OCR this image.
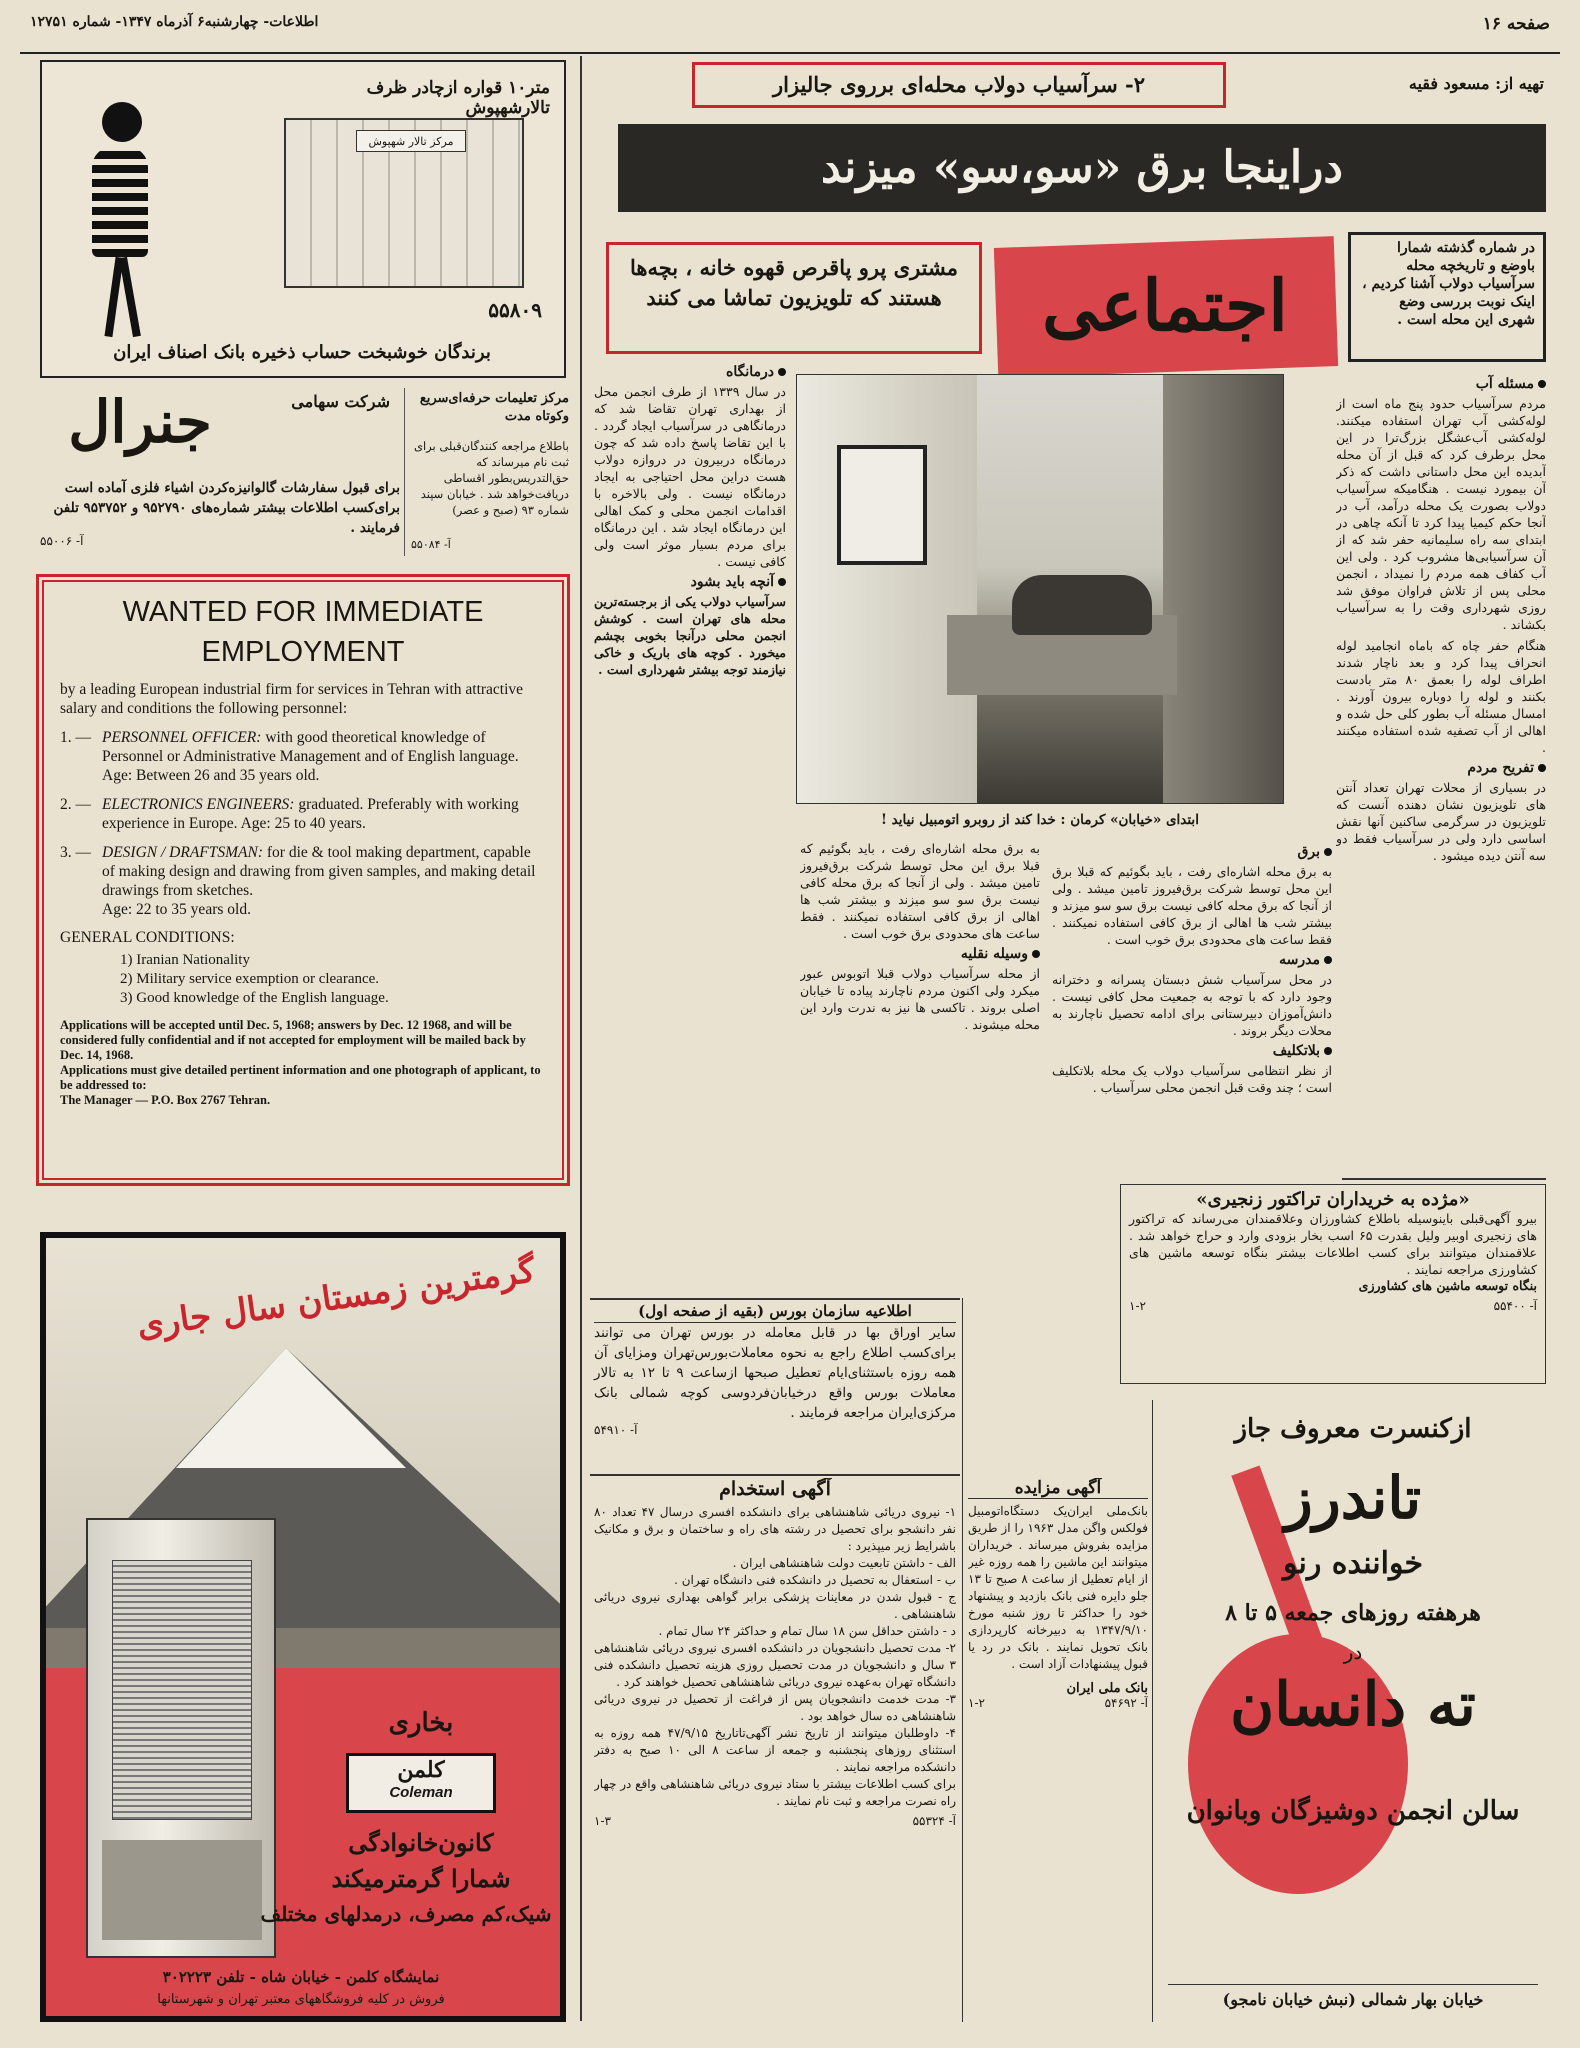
صفحه ۱۶
اطلاعات- چهارشنبه۶ آذرماه ۱۳۴۷- شماره ۱۲۷۵۱
متر۱۰ قواره ازچادر ظرف تالارشهپوش
مرکز تالار شهپوش
۵۵۸۰۹
برندگان خوشبخت حساب ذخیره بانک اصناف ایران
شرکت سهامی
جنرال
برای قبول سفارشات گالوانیزه‌کردن اشیاء فلزی آماده است برای‌کسب اطلاعات بیشتر شماره‌های ۹۵۲۷۹۰ و ۹۵۳۷۵۲ تلفن فرمایند .
آ- ۵۵۰۰۶
مرکز تعلیمات حرفه‌ای‌سریع وکوتاه مدت
باطلاع مراجعه کنندگان‌قبلی برای ثبت نام میرساند که حق‌التدریس‌بطور اقساطی دریافت‌خواهد شد . خیابان سپند شماره ۹۳ (صبح و عصر)
آ- ۵۵۰۸۴
WANTED FOR IMMEDIATE
EMPLOYMENT
by a leading European industrial firm for services in Tehran with attractive salary and conditions the following personnel:
1. — PERSONNEL OFFICER: with good theoretical knowledge of Personnel or Administrative Management and of English language.
Age: Between 26 and 35 years old.
2. — ELECTRONICS ENGINEERS: graduated. Preferably with working experience in Europe. Age: 25 to 40 years.
3. — DESIGN / DRAFTSMAN: for die & tool making department, capable of making design and drawing from given samples, and making detail drawings from sketches.
Age: 22 to 35 years old.
GENERAL CONDITIONS:
1) Iranian Nationality
2) Military service exemption or clearance.
3) Good knowledge of the English language.
Applications will be accepted until Dec. 5, 1968; answers by Dec. 12 1968, and will be considered fully confidential and if not accepted for employment will be mailed back by Dec. 14, 1968.
Applications must give detailed pertinent information and one photograph of applicant, to be addressed to:
The Manager — P.O. Box 2767 Tehran.
گرمترین زمستان سال جاری
بخاری
کلمن
Coleman
کانون‌خانوادگی
شمارا گرمترمیکند
شیک،کم مصرف، درمدلهای مختلف
نمایشگاه کلمن - خیابان شاه - تلفن ۳۰۲۲۲۳
فروش در کلیه فروشگاههای معتبر تهران و شهرستانها
۲- سرآسیاب دولاب محله‌ای برروی جالیزار	تهیه از: مسعود فقیه
دراینجا برق «سو،سو» میزند
در شماره گذشته شمارا باوضع و تاریخچه محله سرآسیاب دولاب آشنا کردیم ، اینک نوبت بررسی وضع شهری این محله است .
اجتماعی
مشتری پرو پاقرص قهوه خانه ، بچه‌ها هستند که تلویزیون تماشا می کنند
ابتدای «خیابان» کرمان : خدا کند از روبرو اتومبیل نیاید !
مسئله آب
مردم سرآسیاب حدود پنج ماه است از لوله‌کشی آب تهران استفاده میکنند. لوله‌کشی آب‌عشگل بزرگ‌ترا در این محل برطرف کرد که قبل از آن محله آبدیده این محل داستانی داشت که ذکر آن بیمورد نیست . هنگامیکه سرآسیاب دولاب بصورت یک محله درآمد، آب در آنجا حکم کیمیا پیدا کرد تا آنکه چاهی در ابتدای سه راه سلیمانیه حفر شد که از آن سرآسیابی‌ها مشروب کرد . ولی این آب کفاف همه مردم را نمیداد ، انجمن محلی پس از تلاش فراوان موفق شد روزی شهرداری وقت را به سرآسیاب بکشاند .
هنگام حفر چاه که باماه انجامید لوله انحراف پیدا کرد و بعد ناچار شدند اطراف لوله را بعمق ۸۰ متر بادست بکنند و لوله را دوباره بیرون آورند . امسال مسئله آب بطور کلی حل شده و اهالی از آب تصفیه شده استفاده میکنند .
تفریح مردم
در بسیاری از محلات تهران تعداد آنتن های تلویزیون نشان دهنده آنست که تلویزیون در سرگرمی ساکنین آنها نقش اساسی دارد ولی در سرآسیاب فقط دو سه آنتن دیده میشود .
درمانگاه
در سال ۱۳۳۹ از طرف انجمن محل از بهداری تهران تقاضا شد که درمانگاهی در سرآسیاب ایجاد گردد . با این تقاضا پاسخ داده شد که چون درمانگاه دربیرون در دروازه دولاب هست دراین محل احتیاجی به ایجاد درمانگاه نیست . ولی بالاخره با اقدامات انجمن محلی و کمک اهالی این درمانگاه ایجاد شد . این درمانگاه برای مردم بسیار موثر است ولی کافی نیست .
آنچه باید بشود
سرآسیاب دولاب یکی از برجسته‌ترین محله های تهران است . کوشش انجمن محلی درآنجا بخوبی بچشم میخورد . کوچه های باریک و خاکی نیازمند توجه بیشتر شهرداری است .
به برق محله اشاره‌ای رفت ، باید بگوئیم که قبلا برق این محل توسط شرکت برق‌فیروز تامین میشد . ولی از آنجا که برق محله کافی نیست برق سو سو میزند و بیشتر شب ها اهالی از برق کافی استفاده نمیکنند . فقط ساعت های محدودی برق خوب است .
وسیله نقلیه
از محله سرآسیاب دولاب قبلا اتوبوس عبور میکرد ولی اکنون مردم ناچارند پیاده تا خیابان اصلی بروند . تاکسی ها نیز به ندرت وارد این محله میشوند .
برق
به برق محله اشاره‌ای رفت ، باید بگوئیم که قبلا برق این محل توسط شرکت برق‌فیروز تامین میشد . ولی از آنجا که برق محله کافی نیست برق سو سو میزند و بیشتر شب ها اهالی از برق کافی استفاده نمیکنند . فقط ساعت های محدودی برق خوب است .
مدرسه
در محل سرآسیاب شش دبستان پسرانه و دخترانه وجود دارد که با توجه به جمعیت محل کافی نیست . دانش‌آموزان دبیرستانی برای ادامه تحصیل ناچارند به محلات دیگر بروند .
بلاتکلیف
از نظر انتظامی سرآسیاب دولاب یک محله بلاتکلیف است ؛ چند وقت قبل انجمن محلی سرآسیاب .
«مژده به خریداران تراکتور زنجیری»
بیرو آگهی‌قبلی باینوسیله باطلاع کشاورزان وعلاقمندان می‌رساند که تراکتور های زنجیری اوبیر ولیل بقدرت ۶۵ اسب بخار بزودی وارد و حراج خواهد شد . علاقمندان میتوانند برای کسب اطلاعات بیشتر بنگاه توسعه ماشین های کشاورزی مراجعه نمایند .
بنگاه توسعه ماشین های کشاورزی
آ- ۵۵۴۰۰
۱-۲
اطلاعیه سازمان بورس (بقیه از صفحه اول)
سایر اوراق بها در قابل معامله در بورس تهران می توانند برای‌کسب اطلاع راجع به نحوه معاملات‌بورس‌تهران ومزایای آن همه روزه باستثنای‌ایام تعطیل صبحها ازساعت ۹ تا ۱۲ به تالار معاملات بورس واقع درخیابان‌فردوسی کوچه شمالی بانک مرکزی‌ایران مراجعه فرمایند .
آ- ۵۴۹۱۰
آگهی استخدام
۱- نیروی دریائی شاهنشاهی برای دانشکده افسری درسال ۴۷ تعداد ۸۰ نفر دانشجو برای تحصیل در رشته های راه و ساختمان و برق و مکانیک باشرایط زیر میپذیرد :
الف - داشتن تابعیت دولت شاهنشاهی ایران .
ب - استعفال به تحصیل در دانشکده فنی دانشگاه تهران .
ج - قبول شدن در معاینات پزشکی برابر گواهی بهداری نیروی دریائی شاهنشاهی .
د - داشتن حداقل سن ۱۸ سال تمام و حداکثر ۲۴ سال تمام .
۲- مدت تحصیل دانشجویان در دانشکده افسری نیروی دریائی شاهنشاهی ۳ سال و دانشجویان در مدت تحصیل روزی هزینه تحصیل دانشکده فنی دانشگاه تهران به‌عهده نیروی دریائی شاهنشاهی تحصیل خواهند کرد .
۳- مدت خدمت دانشجویان پس از فراغت از تحصیل در نیروی دریائی شاهنشاهی ده سال خواهد بود .
۴- داوطلبان میتوانند از تاریخ نشر آگهی‌تاتاریخ ۴۷/۹/۱۵ همه روزه به استثنای روزهای پنجشنبه و جمعه از ساعت ۸ الی ۱۰ صبح به دفتر دانشکده مراجعه نمایند .
برای کسب اطلاعات بیشتر با ستاد نیروی دریائی شاهنشاهی واقع در چهار راه نصرت مراجعه و ثبت نام نمایند .
آ- ۵۵۳۲۴
۱-۳
آگهی مزایده
بانک‌ملی ایران‌یک دستگاه‌اتومبیل فولکس واگن مدل ۱۹۶۳ را از طریق مزایده بفروش میرساند . خریداران میتوانند این ماشین را همه روزه غیر از ایام تعطیل از ساعت ۸ صبح تا ۱۳ جلو دایره فنی بانک بازدید و پیشنهاد خود را حداکثر تا روز شنبه مورخ ۱۳۴۷/۹/۱۰ به دبیرخانه کارپردازی بانک تحویل نمایند . بانک در رد یا قبول پیشنهادات آزاد است .
بانک ملی ایران
آ- ۵۴۶۹۲
۱-۲
ازکنسرت معروف جاز
تاندرز
خواننده رنو
هرهفته روزهای جمعه ۵ تا ۸
در
ته دانسان
سالن انجمن دوشیزگان وبانوان
خیابان بهار شمالی (نبش خیابان نامجو)
